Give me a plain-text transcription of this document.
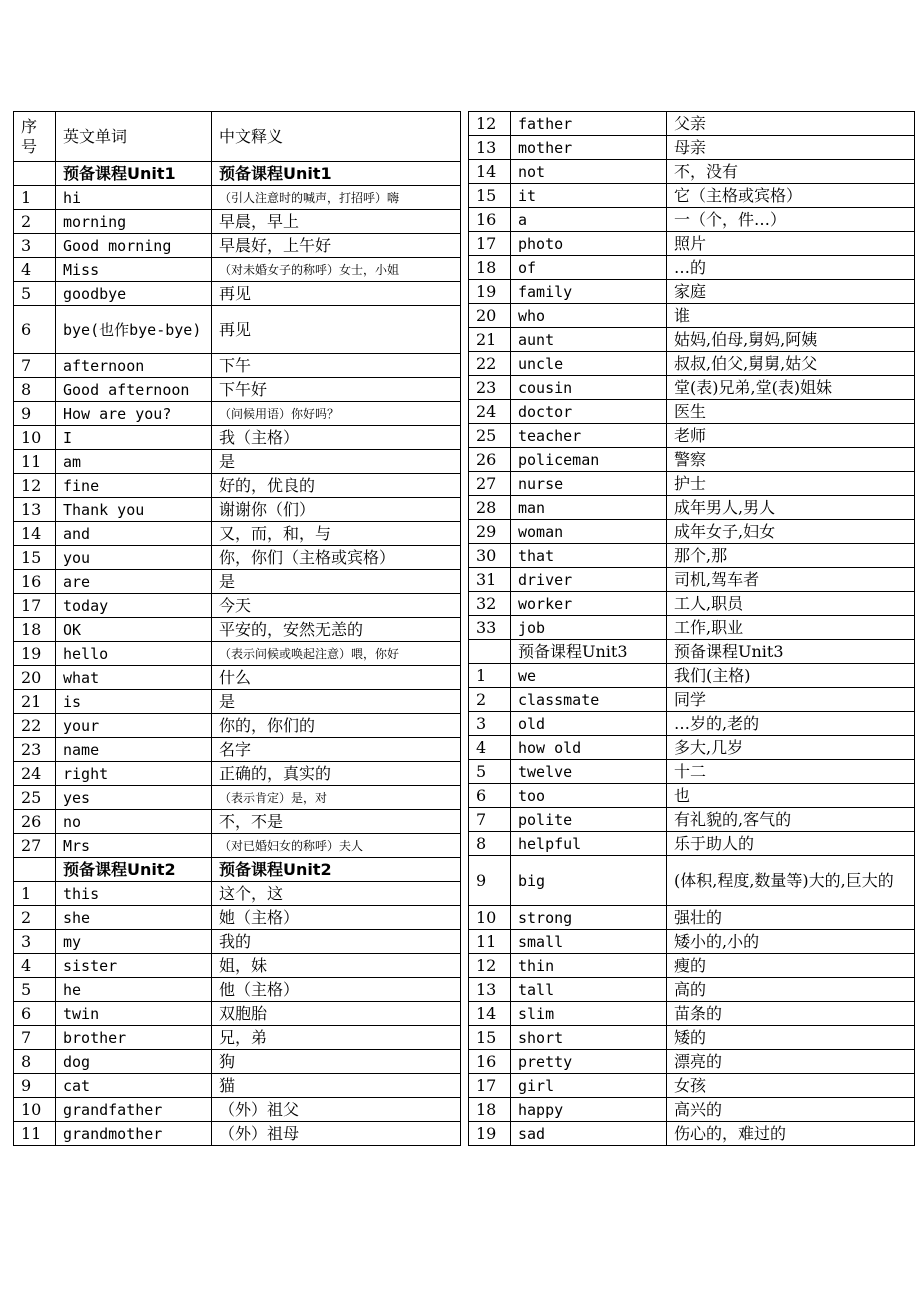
序号	英文单词	中文释义
	预备课程Unit1	预备课程Unit1
1	hi	（引人注意时的喊声，打招呼）嗨
2	morning	早晨，早上
3	Good morning	早晨好，上午好
4	Miss	（对未婚女子的称呼）女士，小姐
5	goodbye	再见
6	bye(也作bye-bye)	再见
7	afternoon	下午
8	Good afternoon	下午好
9	How are you?	（问候用语）你好吗？
10	I	我（主格）
11	am	是
12	fine	好的，优良的
13	Thank you	谢谢你（们）
14	and	又，而，和，与
15	you	你，你们（主格或宾格）
16	are	是
17	today	今天
18	OK	平安的，安然无恙的
19	hello	（表示问候或唤起注意）喂，你好
20	what	什么
21	is	是
22	your	你的，你们的
23	name	名字
24	right	正确的，真实的
25	yes	（表示肯定）是，对
26	no	不，不是
27	Mrs	（对已婚妇女的称呼）夫人
	预备课程Unit2	预备课程Unit2
1	this	这个，这
2	she	她（主格）
3	my	我的
4	sister	姐，妹
5	he	他（主格）
6	twin	双胞胎
7	brother	兄，弟
8	dog	狗
9	cat	猫
10	grandfather	（外）祖父
11	grandmother	（外）祖母
12	father	父亲
13	mother	母亲
14	not	不，没有
15	it	它（主格或宾格）
16	a	一（个，件…）
17	photo	照片
18	of	…的
19	family	家庭
20	who	谁
21	aunt	姑妈,伯母,舅妈,阿姨
22	uncle	叔叔,伯父,舅舅,姑父
23	cousin	堂(表)兄弟,堂(表)姐妹
24	doctor	医生
25	teacher	老师
26	policeman	警察
27	nurse	护士
28	man	成年男人,男人
29	woman	成年女子,妇女
30	that	那个,那
31	driver	司机,驾车者
32	worker	工人,职员
33	job	工作,职业
	预备课程Unit3	预备课程Unit3
1	we	我们(主格)
2	classmate	同学
3	old	…岁的,老的
4	how old	多大,几岁
5	twelve	十二
6	too	也
7	polite	有礼貌的,客气的
8	helpful	乐于助人的
9	big	(体积,程度,数量等)大的,巨大的
10	strong	强壮的
11	small	矮小的,小的
12	thin	瘦的
13	tall	高的
14	slim	苗条的
15	short	矮的
16	pretty	漂亮的
17	girl	女孩
18	happy	高兴的
19	sad	伤心的，难过的
